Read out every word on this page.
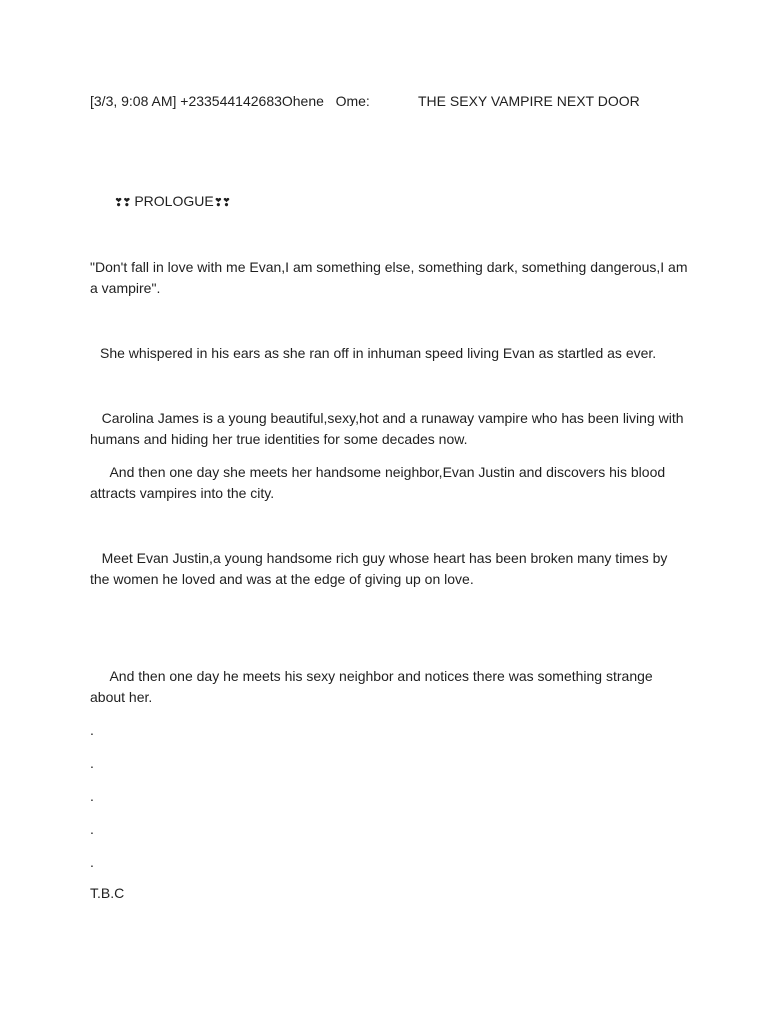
[3/3, 9:08 AM] +233544142683Ohene   Ome:	THE SEXY VAMPIRE NEXT DOOR
❣❣ PROLOGUE❣❣

"Don't fall in love with me Evan,I am something else, something dark, something dangerous,I am a vampire".

She whispered in his ears as she ran off in inhuman speed living Evan as startled as ever.

Carolina James is a young beautiful,sexy,hot and a runaway vampire who has been living with humans and hiding her true identities for some decades now.

And then one day she meets her handsome neighbor,Evan Justin and discovers his blood attracts vampires into the city.

Meet Evan Justin,a young handsome rich guy whose heart has been broken many times by the women he loved and was at the edge of giving up on love.

And then one day he meets his sexy neighbor and notices there was something strange about her.

.
.
.
.
.
T.B.C
